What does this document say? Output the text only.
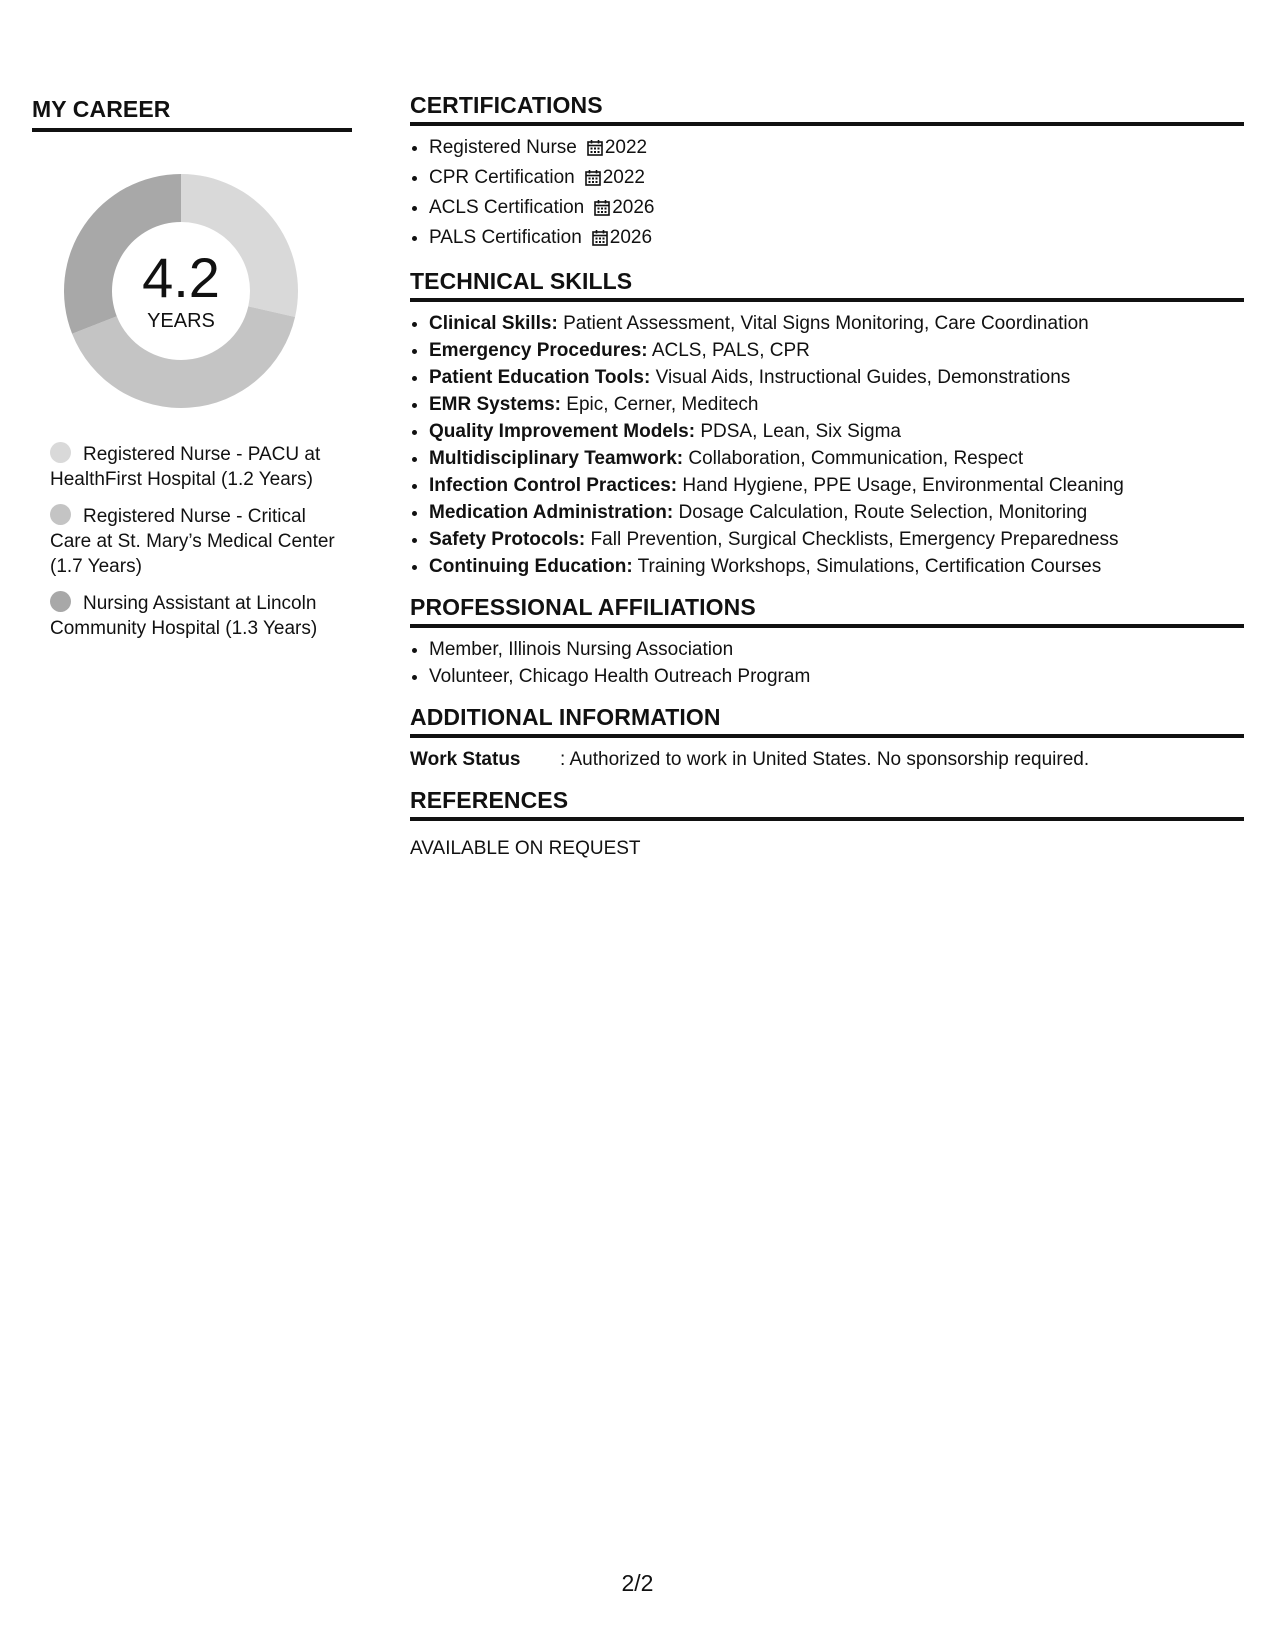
MY CAREER
4.2
YEARS
Registered Nurse - PACU at HealthFirst Hospital (1.2 Years)
Registered Nurse - Critical Care at St. Mary’s Medical Center (1.7 Years)
Nursing Assistant at Lincoln Community Hospital (1.3 Years)
CERTIFICATIONS
• Registered Nurse 2022
• CPR Certification 2022
• ACLS Certification 2026
• PALS Certification 2026
TECHNICAL SKILLS
• Clinical Skills: Patient Assessment, Vital Signs Monitoring, Care Coordination
• Emergency Procedures: ACLS, PALS, CPR
• Patient Education Tools: Visual Aids, Instructional Guides, Demonstrations
• EMR Systems: Epic, Cerner, Meditech
• Quality Improvement Models: PDSA, Lean, Six Sigma
• Multidisciplinary Teamwork: Collaboration, Communication, Respect
• Infection Control Practices: Hand Hygiene, PPE Usage, Environmental Cleaning
• Medication Administration: Dosage Calculation, Route Selection, Monitoring
• Safety Protocols: Fall Prevention, Surgical Checklists, Emergency Preparedness
• Continuing Education: Training Workshops, Simulations, Certification Courses
PROFESSIONAL AFFILIATIONS
• Member, Illinois Nursing Association
• Volunteer, Chicago Health Outreach Program
ADDITIONAL INFORMATION
Work Status	: Authorized to work in United States. No sponsorship required.
REFERENCES
AVAILABLE ON REQUEST
2/2
